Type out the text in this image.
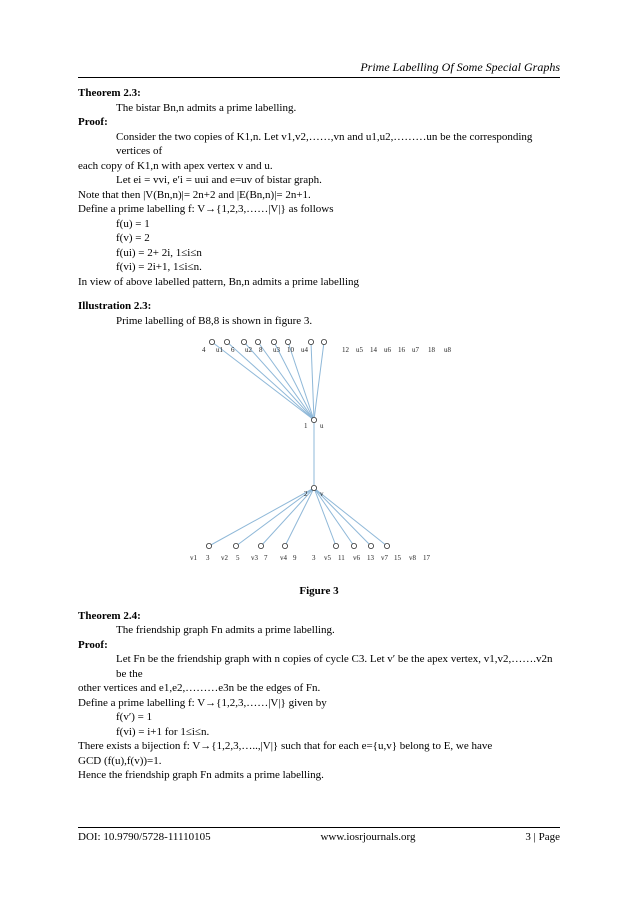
Prime Labelling Of Some Special Graphs

Theorem 2.3:

The bistar Bn,n admits a prime labelling.

Proof:

Consider the two copies of K1,n. Let v1,v2,……,vn and u1,u2,………un be the corresponding vertices of

each copy of K1,n with apex vertex v and u.

Let ei = vvi, e′i = uui and e=uv of bistar graph.

Note that then |V(Bn,n)|= 2n+2 and |E(Bn,n)|= 2n+1.

Define a prime labelling f: V→{1,2,3,……|V|} as follows

f(u) = 1

f(v) = 2

f(ui) = 2+ 2i, 1≤i≤n

f(vi) = 2i+1, 1≤i≤n.

In view of above labelled pattern, Bn,n admits a prime labelling

Illustration 2.3:

Prime labelling of B8,8 is shown in figure 3.

4 u1 6 u2 8 u3 10 u4	12 u5 14 u6 16 u7 18 u8
1 u
2 v
v1 3 v2 5 v3 7 v4 9 3 v5 11 v6 13 v7 15 v8 17
Figure 3

Theorem 2.4:

The friendship graph Fn admits a prime labelling.

Proof:

Let Fn be the friendship graph with n copies of cycle C3. Let v′ be the apex vertex, v1,v2,…….v2n be the

other vertices and e1,e2,………e3n be the edges of Fn.

Define a prime labelling f: V→{1,2,3,……|V|} given by

f(v′) = 1

f(vi) = i+1 for 1≤i≤n.

There exists a bijection f: V→{1,2,3,…..,|V|} such that for each e={u,v} belong to E, we have

GCD (f(u),f(v))=1.

Hence the friendship graph Fn admits a prime labelling.

DOI: 10.9790/5728-11110105	www.iosrjournals.org	3 | Page
